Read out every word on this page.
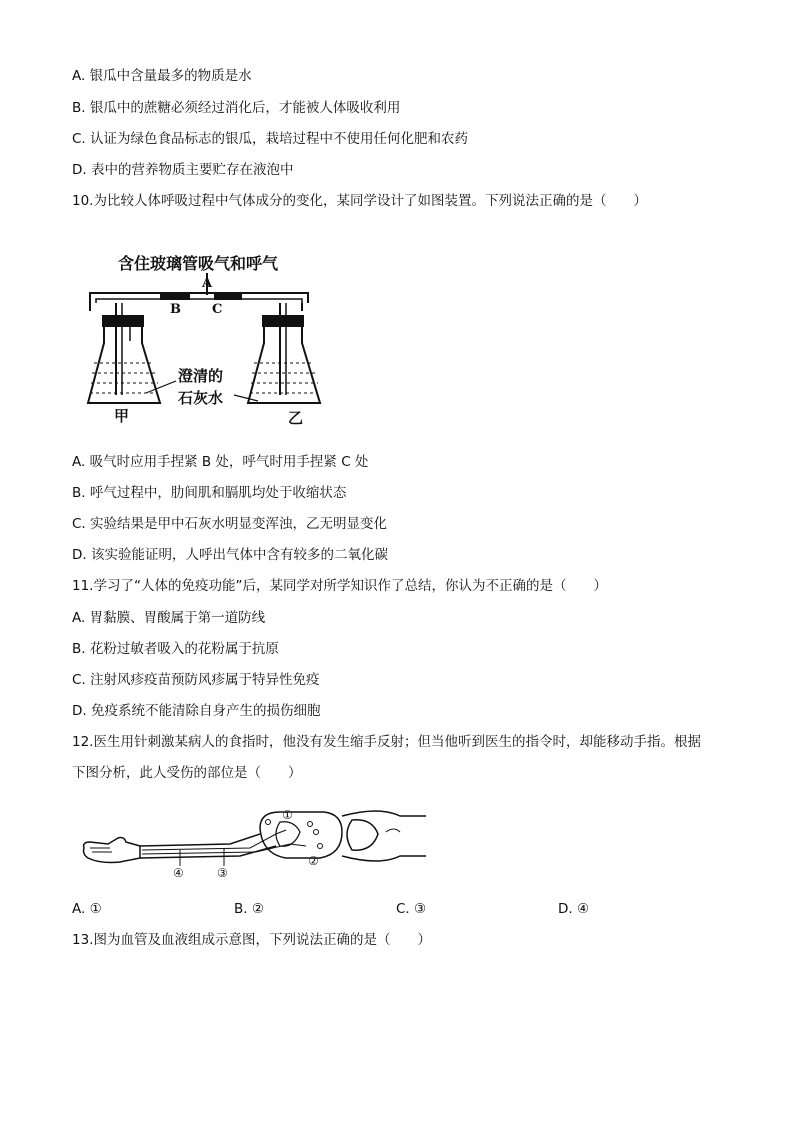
A. 银瓜中含量最多的物质是水
B. 银瓜中的蔗糖必须经过消化后，才能被人体吸收利用
C. 认证为绿色食品标志的银瓜，栽培过程中不使用任何化肥和农药
D. 表中的营养物质主要贮存在液泡中
10.为比较人体呼吸过程中气体成分的变化，某同学设计了如图装置。下列说法正确的是（　　）
含住玻璃管吸气和呼气
A
B C
甲	乙
澄清的
石灰水
A. 吸气时应用手捏紧 B 处，呼气时用手捏紧 C 处
B. 呼气过程中，肋间肌和膈肌均处于收缩状态
C. 实验结果是甲中石灰水明显变浑浊，乙无明显变化
D. 该实验能证明，人呼出气体中含有较多的二氧化碳
11.学习了“人体的免疫功能”后，某同学对所学知识作了总结，你认为不正确的是（　　）
A. 胃黏膜、胃酸属于第一道防线
B. 花粉过敏者吸入的花粉属于抗原
C. 注射风疹疫苗预防风疹属于特异性免疫
D. 免疫系统不能清除自身产生的损伤细胞
12.医生用针刺激某病人的食指时，他没有发生缩手反射；但当他听到医生的指令时，却能移动手指。根据
下图分析，此人受伤的部位是（　　）
①
②
③
④
A. ①	B. ②	C. ③	D. ④
13.图为血管及血液组成示意图，下列说法正确的是（　　）
